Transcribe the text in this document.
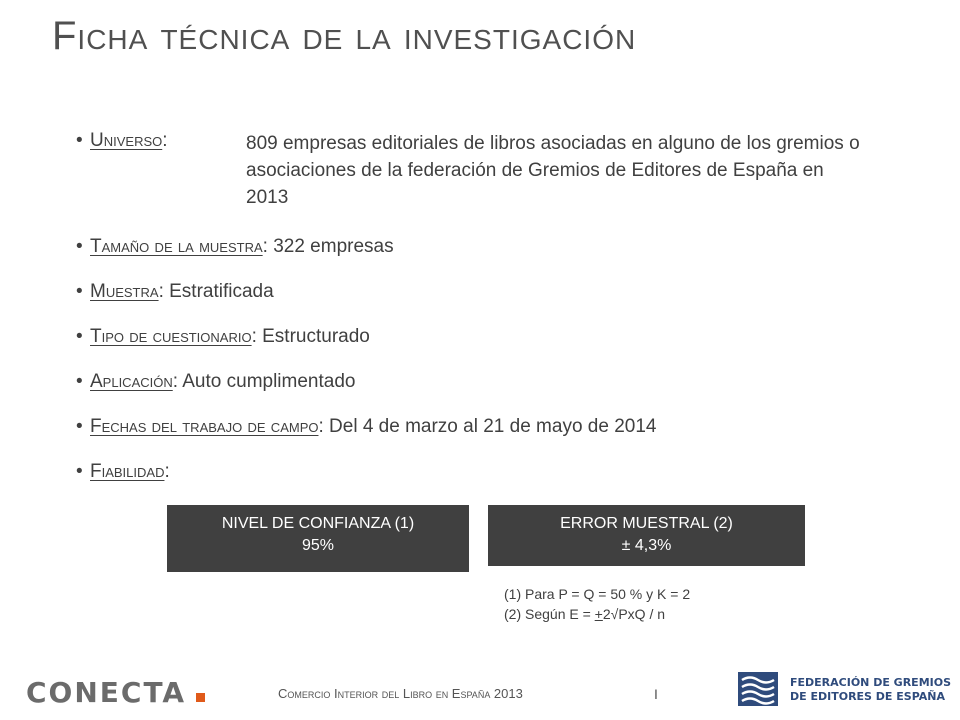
Ficha técnica de la investigación
• Universo:	809 empresas editoriales de libros asociadas en alguno de los gremios o asociaciones de la federación de Gremios de Editores de España en 2013
• Tamaño de la muestra: 322 empresas
• Muestra: Estratificada
• Tipo de cuestionario: Estructurado
• Aplicación: Auto cumplimentado
• Fechas del trabajo de campo: Del 4 de marzo al 21 de mayo de 2014
• Fiabilidad:
NIVEL DE CONFIANZA (1)
95%
ERROR MUESTRAL (2)
± 4,3%
(1) Para P = Q = 50 % y K = 2
(2) Según E = +2√PxQ / n
CONECTA	Comercio Interior del Libro en España 2013	I
FEDERACIÓN DE GREMIOS
DE EDITORES DE ESPAÑA
